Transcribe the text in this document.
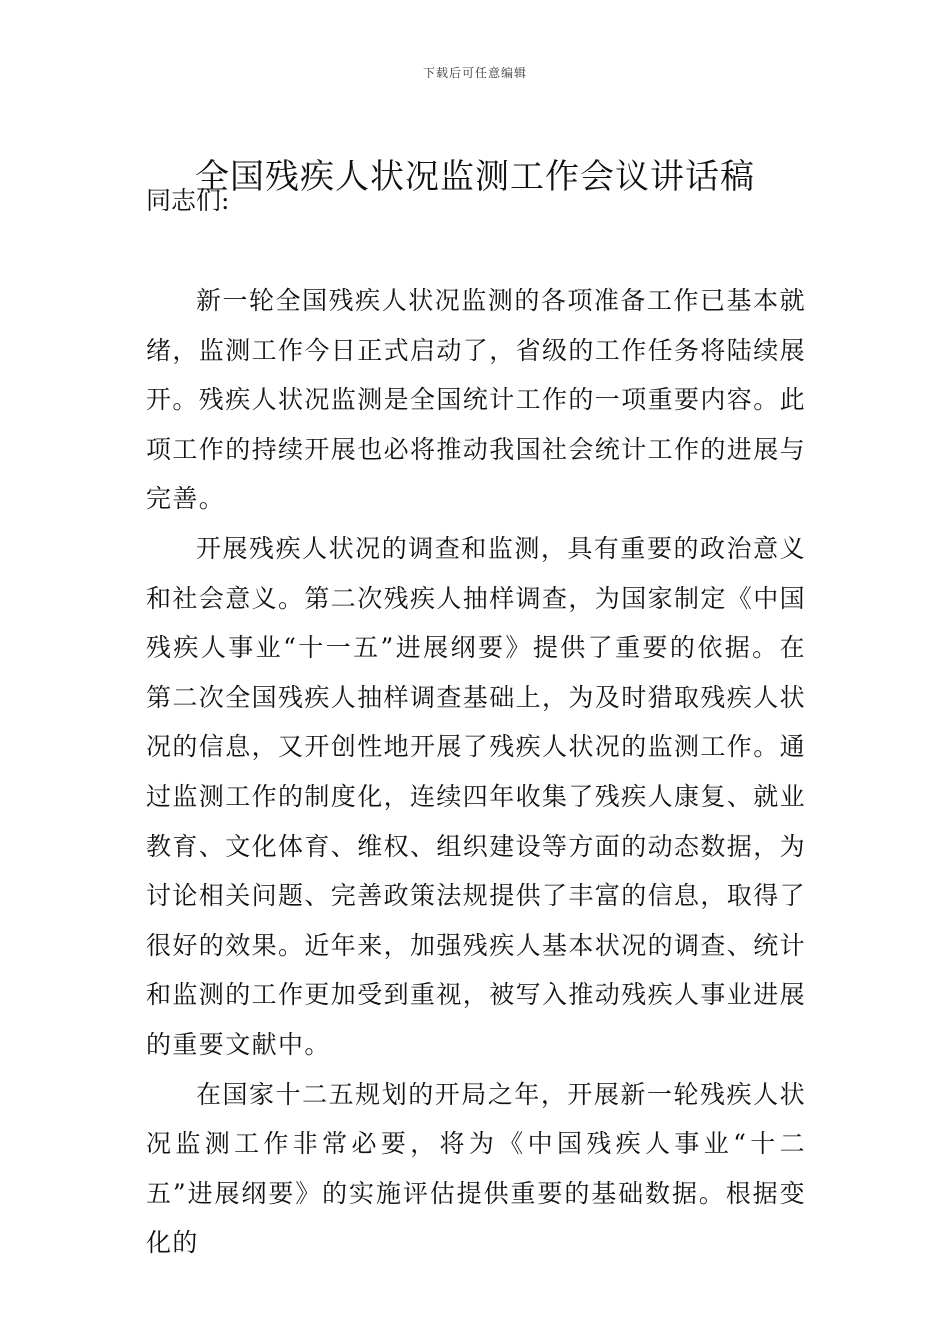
下载后可任意编辑
全国残疾人状况监测工作会议讲话稿
同志们:

新一轮全国残疾人状况监测的各项准备工作已基本就绪，监测工作今日正式启动了，省级的工作任务将陆续展开。残疾人状况监测是全国统计工作的一项重要内容。此项工作的持续开展也必将推动我国社会统计工作的进展与完善。

开展残疾人状况的调查和监测，具有重要的政治意义和社会意义。第二次残疾人抽样调查，为国家制定《中国残疾人事业“十一五”进展纲要》提供了重要的依据。在第二次全国残疾人抽样调查基础上，为及时猎取残疾人状况的信息，又开创性地开展了残疾人状况的监测工作。通过监测工作的制度化，连续四年收集了残疾人康复、就业教育、文化体育、维权、组织建设等方面的动态数据，为讨论相关问题、完善政策法规提供了丰富的信息，取得了很好的效果。近年来，加强残疾人基本状况的调查、统计和监测的工作更加受到重视，被写入推动残疾人事业进展的重要文献中。

在国家十二五规划的开局之年，开展新一轮残疾人状况监测工作非常必要，将为《中国残疾人事业“十二五”进展纲要》的实施评估提供重要的基础数据。根据变化的
